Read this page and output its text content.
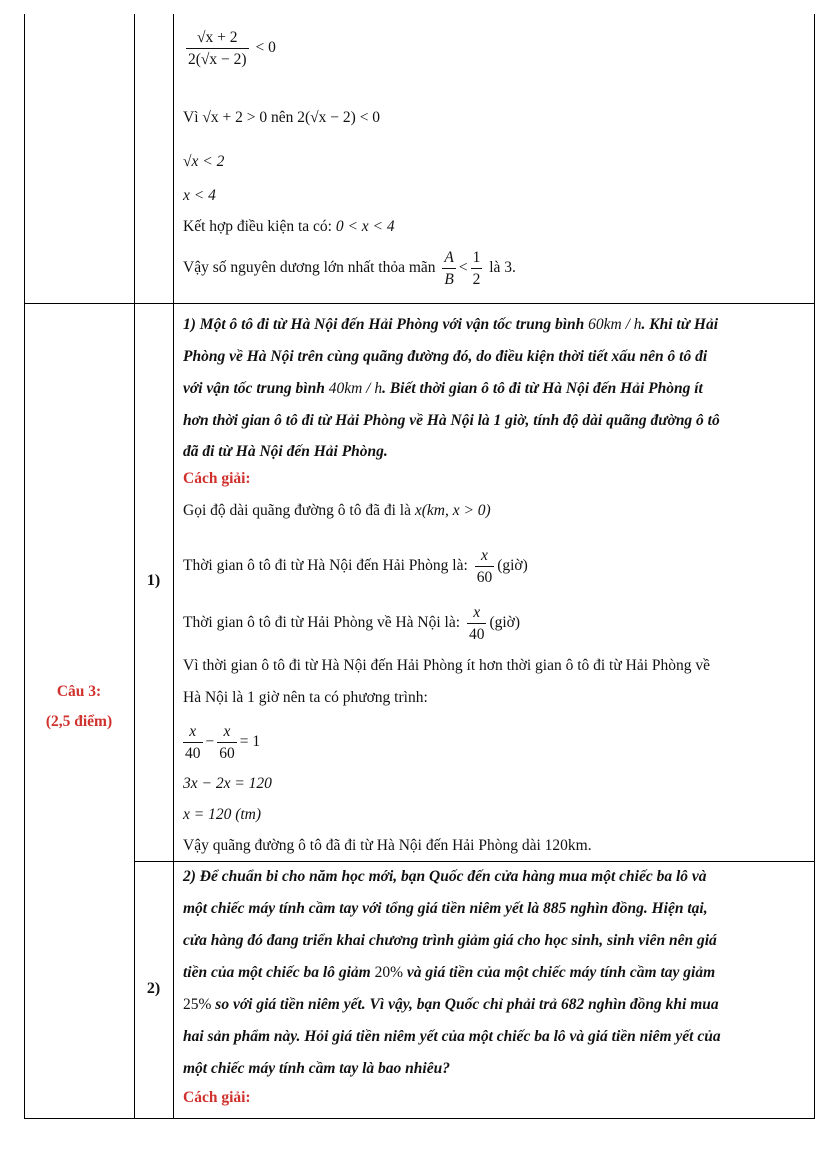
$\frac{√x + 2}{2(√x - 2)} < 0$
Vì √x + 2 > 0 nên 2(√x − 2) < 0
√x < 2
x < 4
Kết hợp điều kiện ta có: 0 < x < 4
Vậy số nguyên dương lớn nhất thỏa mãn $\frac{A}{B} < \frac{1}{2}$ là 3.
Câu 3:
(2,5 điểm)
1)
1) Một ô tô đi từ Hà Nội đến Hải Phòng với vận tốc trung bình 60km / h. Khi từ Hải
Phòng về Hà Nội trên cùng quãng đường đó, do điều kiện thời tiết xấu nên ô tô đi
với vận tốc trung bình 40km / h. Biết thời gian ô tô đi từ Hà Nội đến Hải Phòng ít
hơn thời gian ô tô đi từ Hải Phòng về Hà Nội là 1 giờ, tính độ dài quãng đường ô tô
đã đi từ Hà Nội đến Hải Phòng.
Cách giải:
Gọi độ dài quãng đường ô tô đã đi là x(km, x > 0)
Thời gian ô tô đi từ Hà Nội đến Hải Phòng là: $\frac{x}{60}$ (giờ)
Thời gian ô tô đi từ Hải Phòng về Hà Nội là: $\frac{x}{40}$ (giờ)
Vì thời gian ô tô đi từ Hà Nội đến Hải Phòng ít hơn thời gian ô tô đi từ Hải Phòng về
Hà Nội là 1 giờ nên ta có phương trình:
$\frac{x}{40} - \frac{x}{60} = 1$
3x − 2x = 120
x = 120 (tm)
Vậy quãng đường ô tô đã đi từ Hà Nội đến Hải Phòng dài 120km.
2)
2) Để chuẩn bi cho năm học mới, bạn Quốc đến cửa hàng mua một chiếc ba lô và
một chiếc máy tính cầm tay với tổng giá tiền niêm yết là 885 nghìn đồng. Hiện tại,
cửa hàng đó đang triển khai chương trình giảm giá cho học sinh, sinh viên nên giá
tiền của một chiếc ba lô giảm 20% và giá tiền của một chiếc máy tính cầm tay giảm
25% so với giá tiền niêm yết. Vì vậy, bạn Quốc chỉ phải trả 682 nghìn đồng khi mua
hai sản phẩm này. Hỏi giá tiền niêm yết của một chiếc ba lô và giá tiền niêm yết của
một chiếc máy tính cầm tay là bao nhiêu?
Cách giải:
